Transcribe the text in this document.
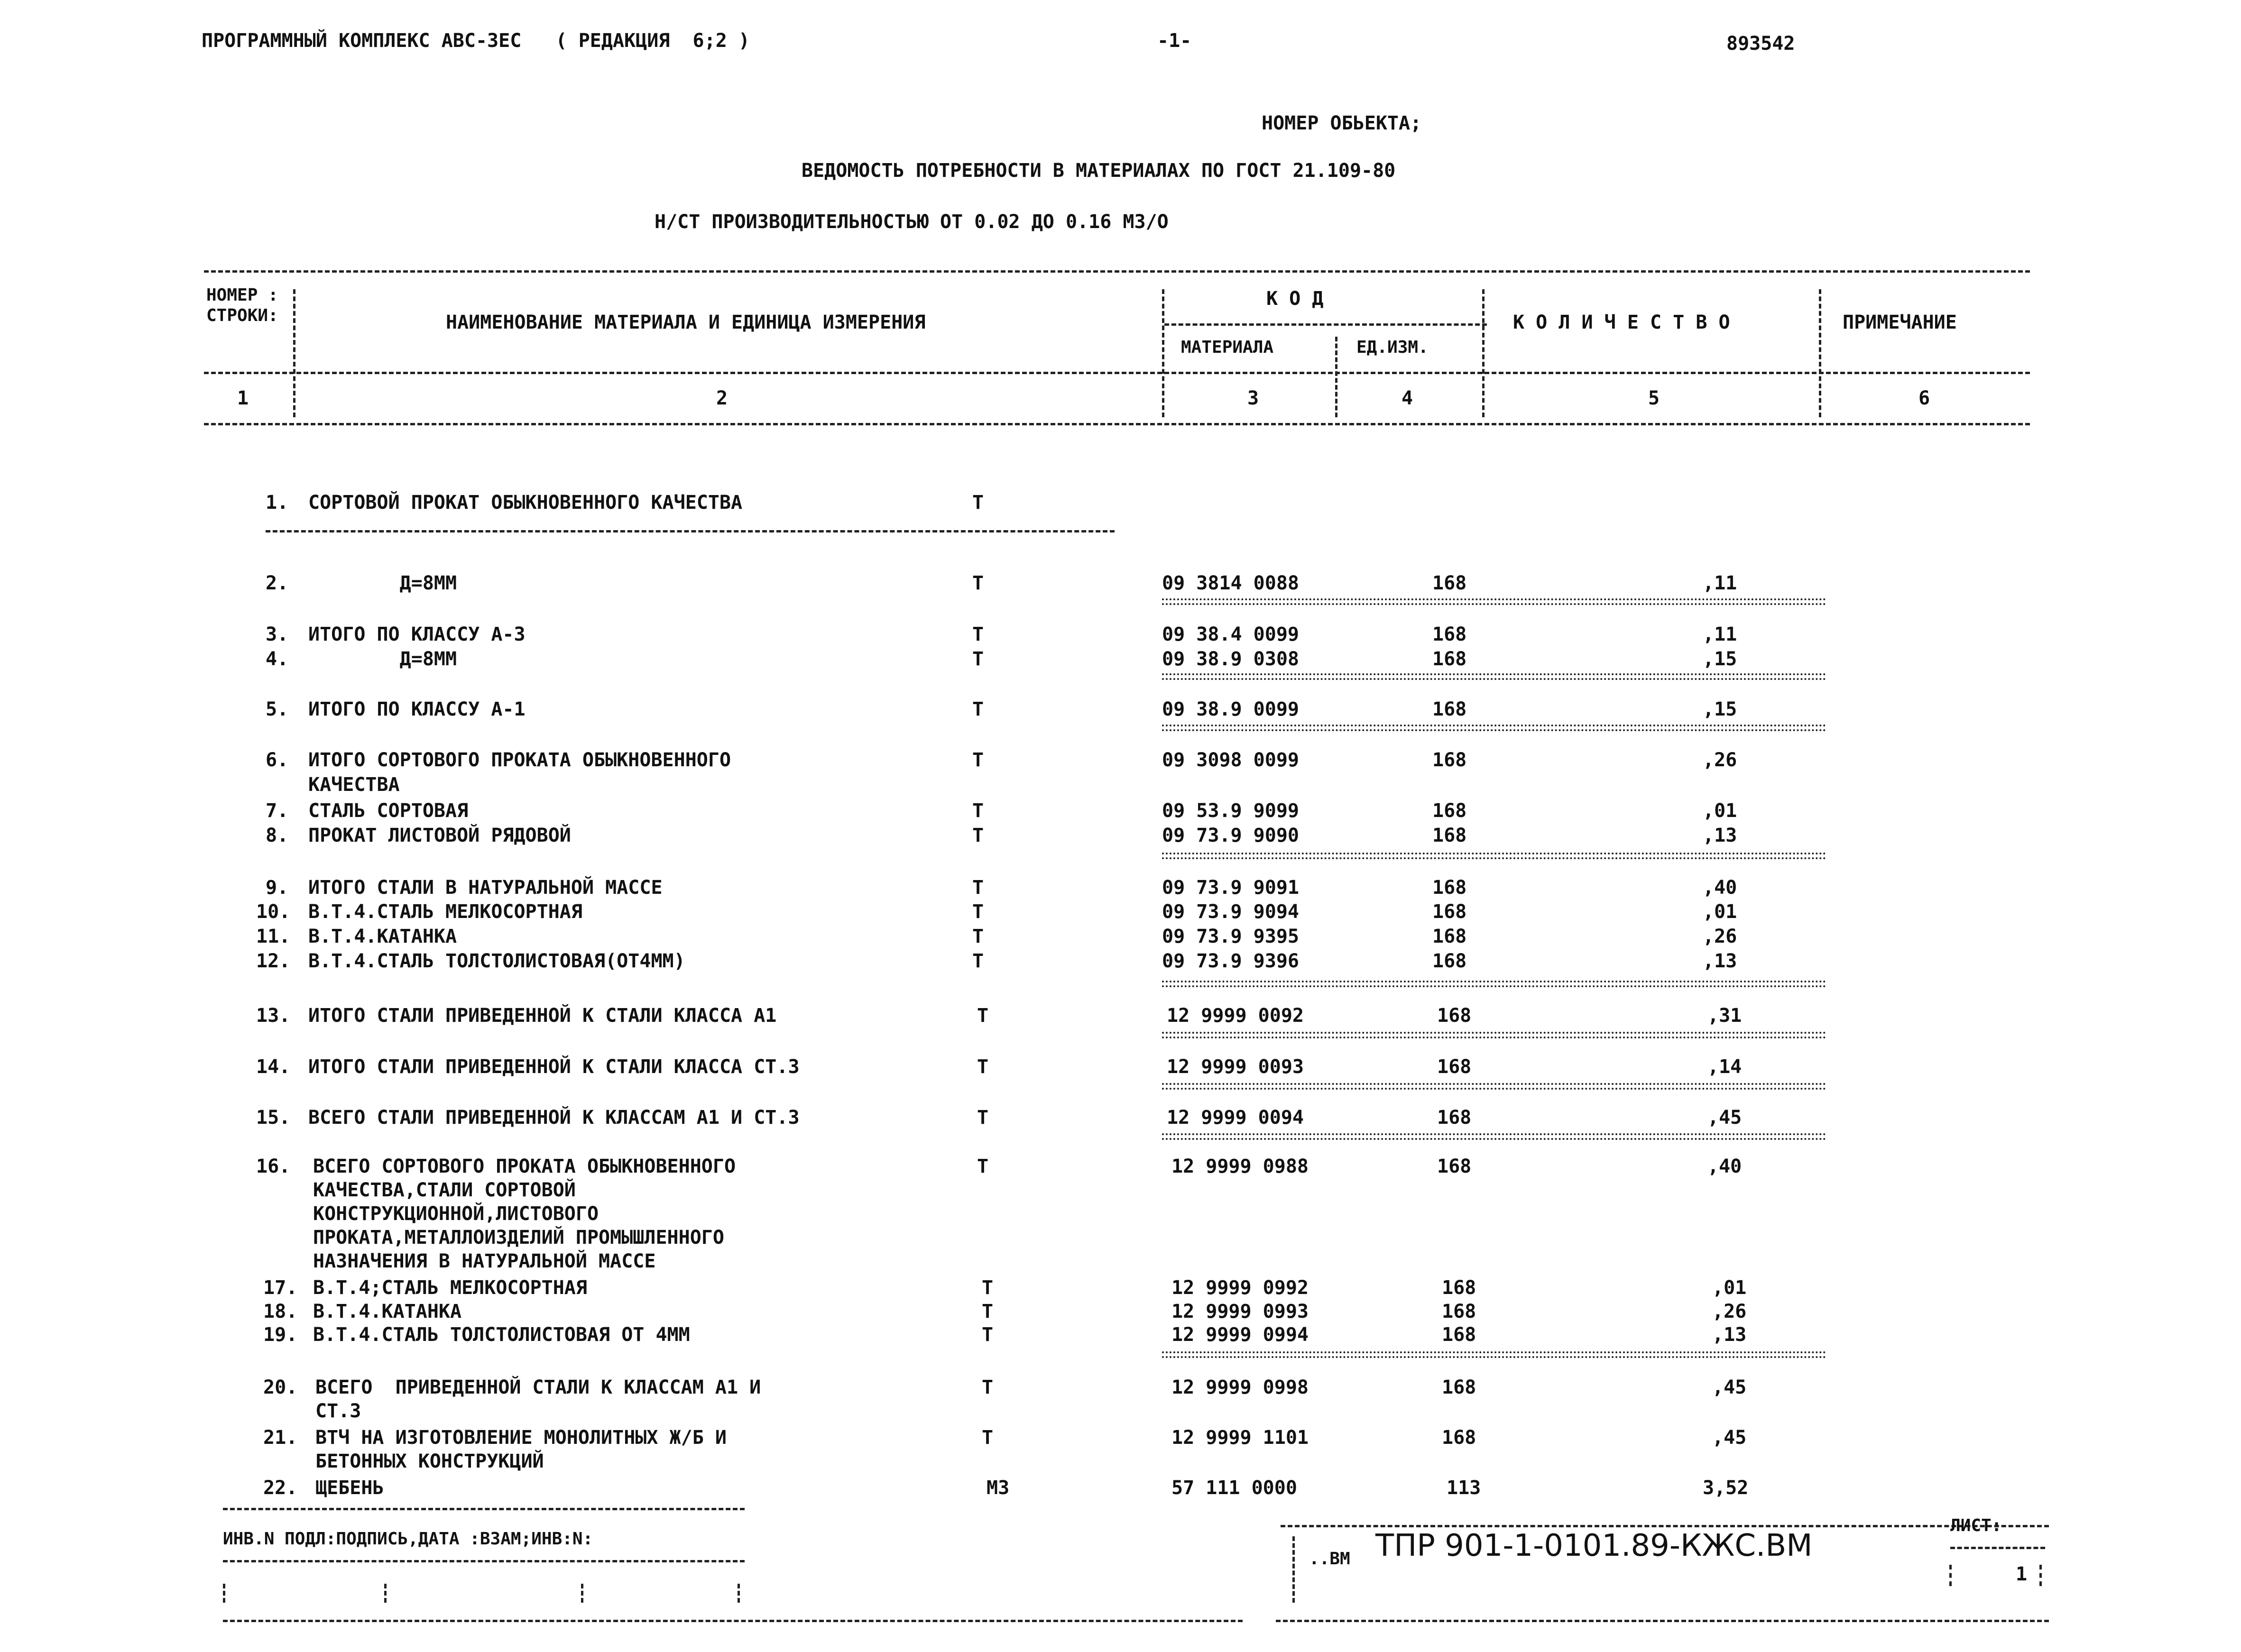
ПРОГРАММНЫЙ КОМПЛЕКС АВС-ЗЕС   ( РЕДАКЦИЯ  6;2 )	-1-	893542
НОМЕР ОБЬЕКТА;
ВЕДОМОСТЬ ПОТРЕБНОСТИ В МАТЕРИАЛАХ ПО ГОСТ 21.109-80
Н/СТ ПРОИЗВОДИТЕЛЬНОСТЬЮ ОТ 0.02 ДО 0.16 М3/О
НОМЕР :
СТРОКИ:	НАИМЕНОВАНИЕ МАТЕРИАЛА И ЕДИНИЦА ИЗМЕРЕНИЯ
К О Д
МАТЕРИАЛА	ЕД.ИЗМ.
К О Л И Ч Е С Т В О	ПРИМЕЧАНИЕ
1	2	3	4	5	6
1. СОРТОВОЙ ПРОКАТ ОБЫКНОВЕННОГО КАЧЕСТВА	Т
2. Д=8ММ	Т	09 3814 0088	168	,11
3. ИТОГО ПО КЛАССУ А-3	Т	09 38.4 0099	168	,11
4. Д=8ММ	Т	09 38.9 0308	168	,15
5. ИТОГО ПО КЛАССУ А-1	Т	09 38.9 0099	168	,15
6. ИТОГО СОРТОВОГО ПРОКАТА ОБЫКНОВЕННОГО
КАЧЕСТВА
Т	09 3098 0099	168	,26
7. СТАЛЬ СОРТОВАЯ	Т	09 53.9 9099	168	,01
8. ПРОКАТ ЛИСТОВОЙ РЯДОВОЙ	Т	09 73.9 9090	168	,13
9. ИТОГО СТАЛИ В НАТУРАЛЬНОЙ МАССЕ	Т	09 73.9 9091	168	,40
10. В.Т.4.СТАЛЬ МЕЛКОСОРТНАЯ	Т	09 73.9 9094	168	,01
11. В.Т.4.КАТАНКА	Т	09 73.9 9395	168	,26
12. В.Т.4.СТАЛЬ ТОЛСТОЛИСТОВАЯ(ОТ4ММ)	Т	09 73.9 9396	168	,13
13. ИТОГО СТАЛИ ПРИВЕДЕННОЙ К СТАЛИ КЛАССА А1	Т	12 9999 0092	168	,31
14. ИТОГО СТАЛИ ПРИВЕДЕННОЙ К СТАЛИ КЛАССА СТ.3	Т	12 9999 0093	168	,14
15. ВСЕГО СТАЛИ ПРИВЕДЕННОЙ К КЛАССАМ А1 И СТ.3	Т	12 9999 0094	168	,45
16. ВСЕГО СОРТОВОГО ПРОКАТА ОБЫКНОВЕННОГО
КАЧЕСТВА,СТАЛИ СОРТОВОЙ
КОНСТРУКЦИОННОЙ,ЛИСТОВОГО
ПРОКАТА,МЕТАЛЛОИЗДЕЛИЙ ПРОМЫШЛЕННОГО
НАЗНАЧЕНИЯ В НАТУРАЛЬНОЙ МАССЕ
Т	12 9999 0988	168	,40
17. В.Т.4;СТАЛЬ МЕЛКОСОРТНАЯ	Т	12 9999 0992	168	,01
18. В.Т.4.КАТАНКА	Т	12 9999 0993	168	,26
19. В.Т.4.СТАЛЬ ТОЛСТОЛИСТОВАЯ ОТ 4ММ	Т	12 9999 0994	168	,13
20. ВСЕГО  ПРИВЕДЕННОЙ СТАЛИ К КЛАССАМ А1 И
СТ.3
Т	12 9999 0998	168	,45
21. ВТЧ НА ИЗГОТОВЛЕНИЕ МОНОЛИТНЫХ Ж/Б И
БЕТОННЫХ КОНСТРУКЦИЙ
Т	12 9999 1101	168	,45
22. ЩЕБЕНЬ	М3	57 111 0000	113	3,52
ИНВ.N ПОДЛ:ПОДПИСЬ,ДАТА :ВЗАМ;ИНВ:N:
..ВМ ТПР 901-1-0101.89-КЖС.ВМ
ЛИСТ:
1
